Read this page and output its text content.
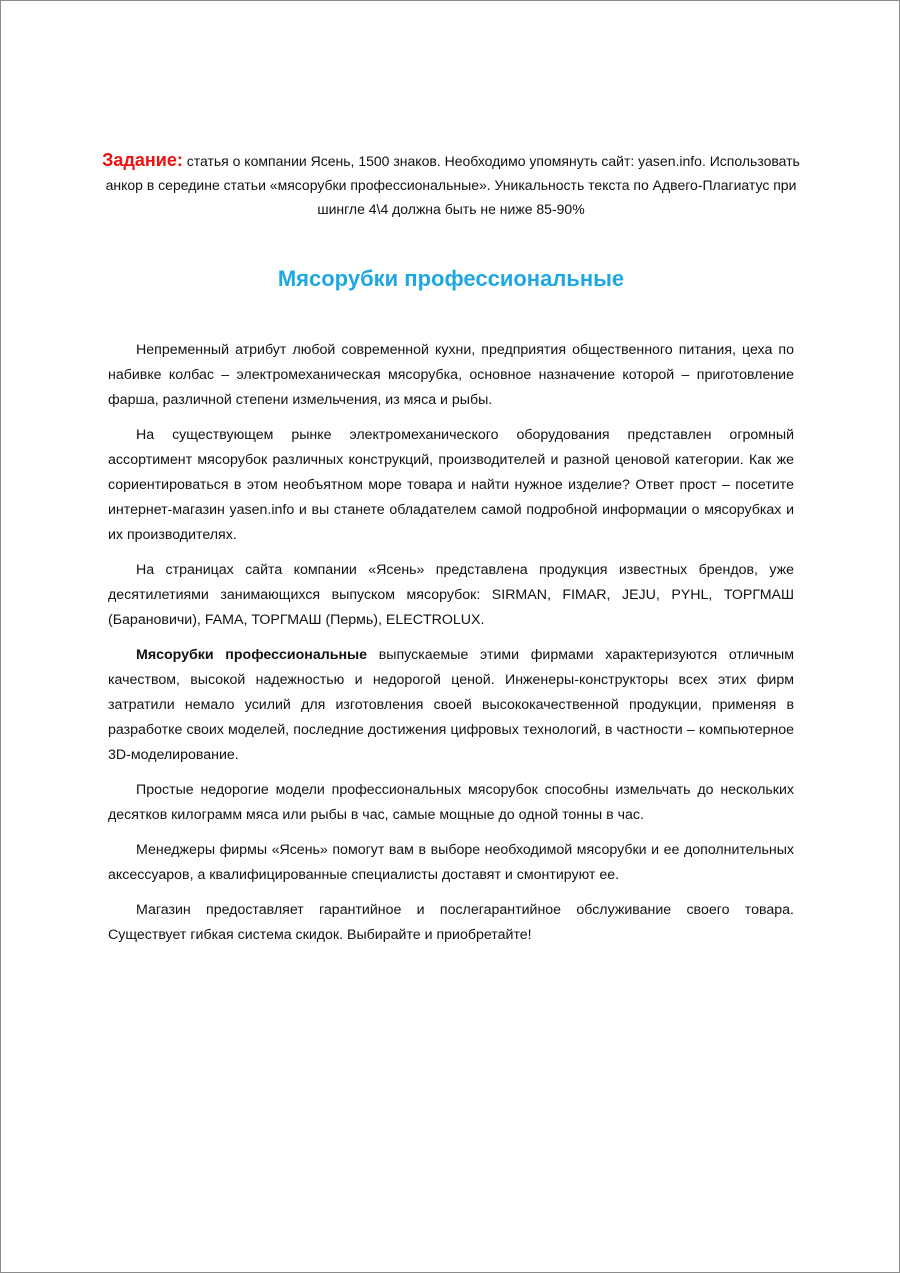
Задание: статья о компании Ясень, 1500 знаков. Необходимо упомянуть сайт: yasen.info. Использовать анкор в середине статьи «мясорубки профессиональные». Уникальность текста по Адвего-Плагиатус при шингле 4\4 должна быть не ниже 85-90%
Мясорубки профессиональные

Непременный атрибут любой современной кухни, предприятия общественного питания, цеха по набивке колбас – электромеханическая мясорубка, основное назначение которой – приготовление фарша, различной степени измельчения, из мяса и рыбы.

На существующем рынке электромеханического оборудования представлен огромный ассортимент мясорубок различных конструкций, производителей и разной ценовой категории. Как же сориентироваться в этом необъятном море товара и найти нужное изделие? Ответ прост – посетите интернет-магазин yasen.info и вы станете обладателем самой подробной информации о мясорубках и их производителях.

На страницах сайта компании «Ясень» представлена продукция известных брендов, уже десятилетиями занимающихся выпуском мясорубок: SIRMAN, FIMAR, JEJU, PYHL, ТОРГМАШ (Барановичи), FAMA, ТОРГМАШ (Пермь), ELECTROLUX.

Мясорубки профессиональные выпускаемые этими фирмами характеризуются отличным качеством, высокой надежностью и недорогой ценой. Инженеры-конструкторы всех этих фирм затратили немало усилий для изготовления своей высококачественной продукции, применяя в разработке своих моделей, последние достижения цифровых технологий, в частности – компьютерное 3D-моделирование.

Простые недорогие модели профессиональных мясорубок способны измельчать до нескольких десятков килограмм мяса или рыбы в час, самые мощные до одной тонны в час.

Менеджеры фирмы «Ясень» помогут вам в выборе необходимой мясорубки и ее дополнительных аксессуаров, а квалифицированные специалисты доставят и смонтируют ее.

Магазин предоставляет гарантийное и послегарантийное обслуживание своего товара. Существует гибкая система скидок. Выбирайте и приобретайте!
